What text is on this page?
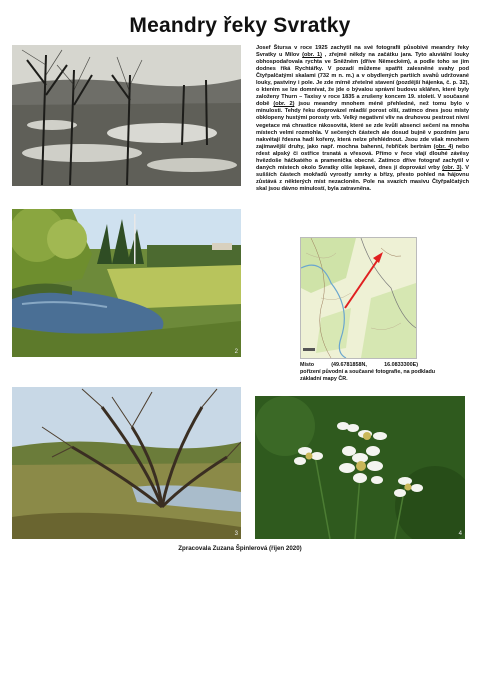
Meandry řeky Svratky
2
3	4
Josef Štursa v roce 1925 zachytil na své fotografii působivé meandry řeky Svratky u Milov (obr. 1) , zřejmě někdy na začátku jara. Tyto aluviální louky obhospodařovala rychta ve Sněžném (dříve Německém), a podle toho se jim dodnes říká Rychtářky. V pozadí můžeme spatřit zalesněné svahy pod Čtyřpalčatými skalami (732 m n. m.) a v obydlených partiích svahů udržované louky, pastviny i pole. Je zde mírně zřetelné stavení (pozdější hájenka, č. p. 32), o kterém se lze domnívat, že jde o bývalou správní budovu sklářen, které byly založeny Thurn – Taxisy v roce 1835 a zrušeny koncem 19. století. V současné době (obr. 2) jsou meandry mnohem méně přehledné, než tomu bylo v minulosti. Tehdy řeku doprovázel mladší porost olší, zatímco dnes jsou místy obklopeny hustými porosty vrb. Velký negativní vliv na druhovou pestrost nivní vegetace má chrastice rákosovitá, které se zde kvůli absenci sečení na mnoha místech velmi rozmohla. V sečených částech ale dosud bujně v pozdním jaru nakvétají řdesna hadí kořeny, která nelze přehlédnout. Jsou zde však mnohem zajímavější druhy, jako např. mochna bahenní, řebříček bertrám (obr. 4) nebo rdest alpský či ostřice trsnatá a vřesová. Přímo v řece vlají dlouhé závěsy hvězdoše háčkatého a pramenička obecné. Zatímco dříve fotograf zachytil v daných místech okolo Svratky olše lepkavé, dnes jí doprovází vrby (obr. 3). V sušších částech mokřadů vyrostly smrky a břízy, přesto pohled na hájovnu zůstává z některých míst nezacloněn. Pole na svazích masivu Čtyřpalčatých skal jsou dávno minulostí, byla zatravněna.
Místo	(49.6781858N,	16.0833300E)
pořízení původní a současné fotografie, na podkladu základní mapy ČR.
Zpracovala Zuzana Špinlerová (říjen 2020)
